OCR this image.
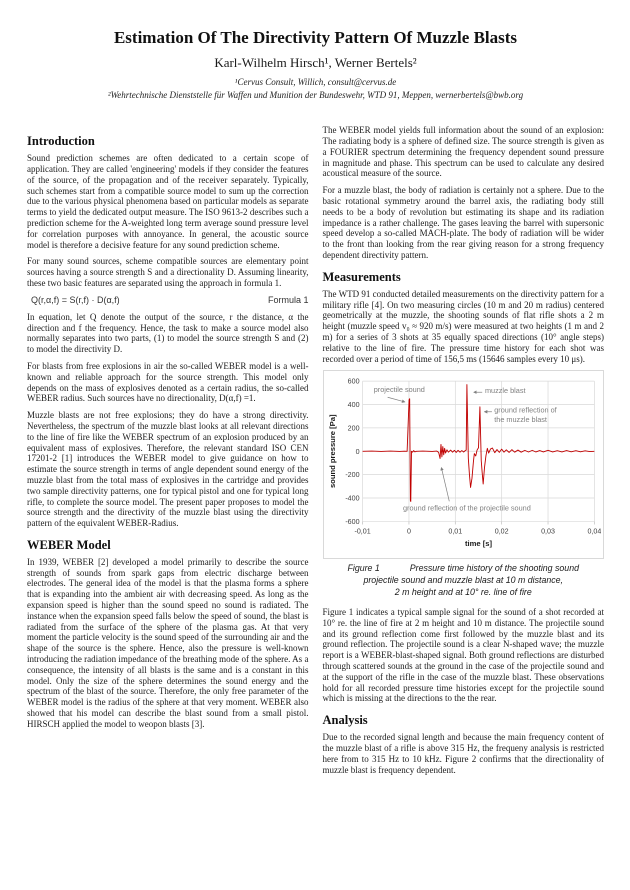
Estimation Of The Directivity Pattern Of Muzzle Blasts
Karl-Wilhelm Hirsch¹, Werner Bertels²
¹Cervus Consult, Willich, consult@cervus.de
²Wehrtechnische Dienststelle für Waffen und Munition der Bundeswehr, WTD 91, Meppen, wernerbertels@bwb.org
Introduction

Sound prediction schemes are often dedicated to a certain scope of application. They are called 'engineering' models if they consider the features of the source, of the propagation and of the receiver separately. Typically, such schemes start from a compatible source model to sum up the correction due to the various physical phenomena based on particular models as separate terms to yield the dedicated output measure. The ISO 9613-2 describes such a prediction scheme for the A-weighted long term average sound pressure level for correlation purposes with annoyance. In general, the acoustic source model is therefore a decisive feature for any sound prediction scheme.

For many sound sources, scheme compatible sources are elementary point sources having a source strength S and a directionality D. Assuming linearity, these two basic features are separated using the approach in formula 1.

Q(r,α,f) = S(r,f) · D(α,f)	Formula 1

In equation, let Q denote the output of the source, r the distance, α the direction and f the frequency. Hence, the task to make a source model also normally separates into two parts, (1) to model the source strength S and (2) to model the directivity D.

For blasts from free explosions in air the so-called WEBER model is a well-known and reliable approach for the source strength. This model only depends on the mass of explosives denoted as a certain radius, the so-called WEBER radius. Such sources have no directionality, D(α,f) =1.

Muzzle blasts are not free explosions; they do have a strong directivity. Nevertheless, the spectrum of the muzzle blast looks at all relevant directions to the line of fire like the WEBER spectrum of an explosion produced by an equivalent mass of explosives. Therefore, the relevant standard ISO CEN 17201-2 [1] introduces the WEBER model to give guidance on how to estimate the source strength in terms of angle dependent sound energy of the muzzle blast from the total mass of explosives in the cartridge and provides two sample directivity patterns, one for typical pistol and one for typical long rifle, to complete the source model. The present paper proposes to model the source strength and the directivity of the muzzle blast using the directivity pattern of the equivalent WEBER-Radius.

WEBER Model

In 1939, WEBER [2] developed a model primarily to describe the source strength of sounds from spark gaps from electric discharge between electrodes. The general idea of the model is that the plasma forms a sphere that is expanding into the ambient air with decreasing speed. As long as the expansion speed is higher than the sound speed no sound is radiated. The instance when the expansion speed falls below the speed of sound, the blast is radiated from the surface of the sphere of the plasma gas. At that very moment the particle velocity is the sound speed of the surrounding air and the shape of the source is the sphere. Hence, also the pressure is well-known introducing the radiation impedance of the breathing mode of the sphere. As a consequence, the intensity of all blasts is the same and is a constant in this model. Only the size of the sphere determines the sound energy and the spectrum of the blast of the source. Therefore, the only free parameter of the WEBER model is the radius of the sphere at that very moment. WEBER also showed that his model can describe the blast sound from a small pistol. HIRSCH applied the model to weopon blasts [3].

The WEBER model yields full information about the sound of an explosion: The radiating body is a sphere of defined size. The source strength is given as a FOURIER spectrum determining the frequency dependent sound pressure in magnitude and phase. This spectrum can be used to calculate any desired acoustical measure of the source.

For a muzzle blast, the body of radiation is certainly not a sphere. Due to the basic rotational symmetry around the barrel axis, the radiating body still needs to be a body of revolution but estimating its shape and its radiation impedance is a rather challenge. The gases leaving the barrel with supersonic speed develop a so-called MACH-plate. The body of radiation will be wider to the front than looking from the rear giving reason for a strong frequency dependent directivity pattern.

Measurements

The WTD 91 conducted detailed measurements on the directivity pattern for a military rifle [4]. On two measuring circles (10 m and 20 m radius) centered geometrically at the muzzle, the shooting sounds of flat rifle shots a 2 m height (muzzle speed v₀ ≈ 920 m/s) were measured at two heights (1 m and 2 m) for a series of 3 shots at 35 equally spaced directions (10° angle steps) relative to the line of fire. The pressure time history for each shot was recorded over a period of time of 156,5 ms (15646 samples every 10 μs).

600
400
200
0
-200
-400
-600
-0,01	0	0,01	0,02	0,03	0,04
time [s]
sound pressure [Pa]
projectile sound	muzzle blast
ground reflection of
the muzzle blast
ground reflection of the projectile sound
Figure 1	Pressure time history of the shooting sound
projectile sound and muzzle blast at 10 m distance,
2 m height and at 10° re. line of fire

Figure 1 indicates a typical sample signal for the sound of a shot recorded at 10° re. the line of fire at 2 m height and 10 m distance. The projectile sound and its ground reflection come first followed by the muzzle blast and its ground reflection. The projectile sound is a clear N-shaped wave; the muzzle report is a WEBER-blast-shaped signal. Both ground reflections are disturbed through scattered sounds at the ground in the case of the projectile sound and at the support of the rifle in the case of the muzzle blast. These observations hold for all recorded pressure time histories except for the projectile sound which is missing at the directions to the the rear.

Analysis

Due to the recorded signal length and because the main frequency content of the muzzle blast of a rifle is above 315 Hz, the frequeny analysis is restricted here from to 315 Hz to 10 kHz. Figure 2 confirms that the directionality of muzzle blast is frequency dependent.
